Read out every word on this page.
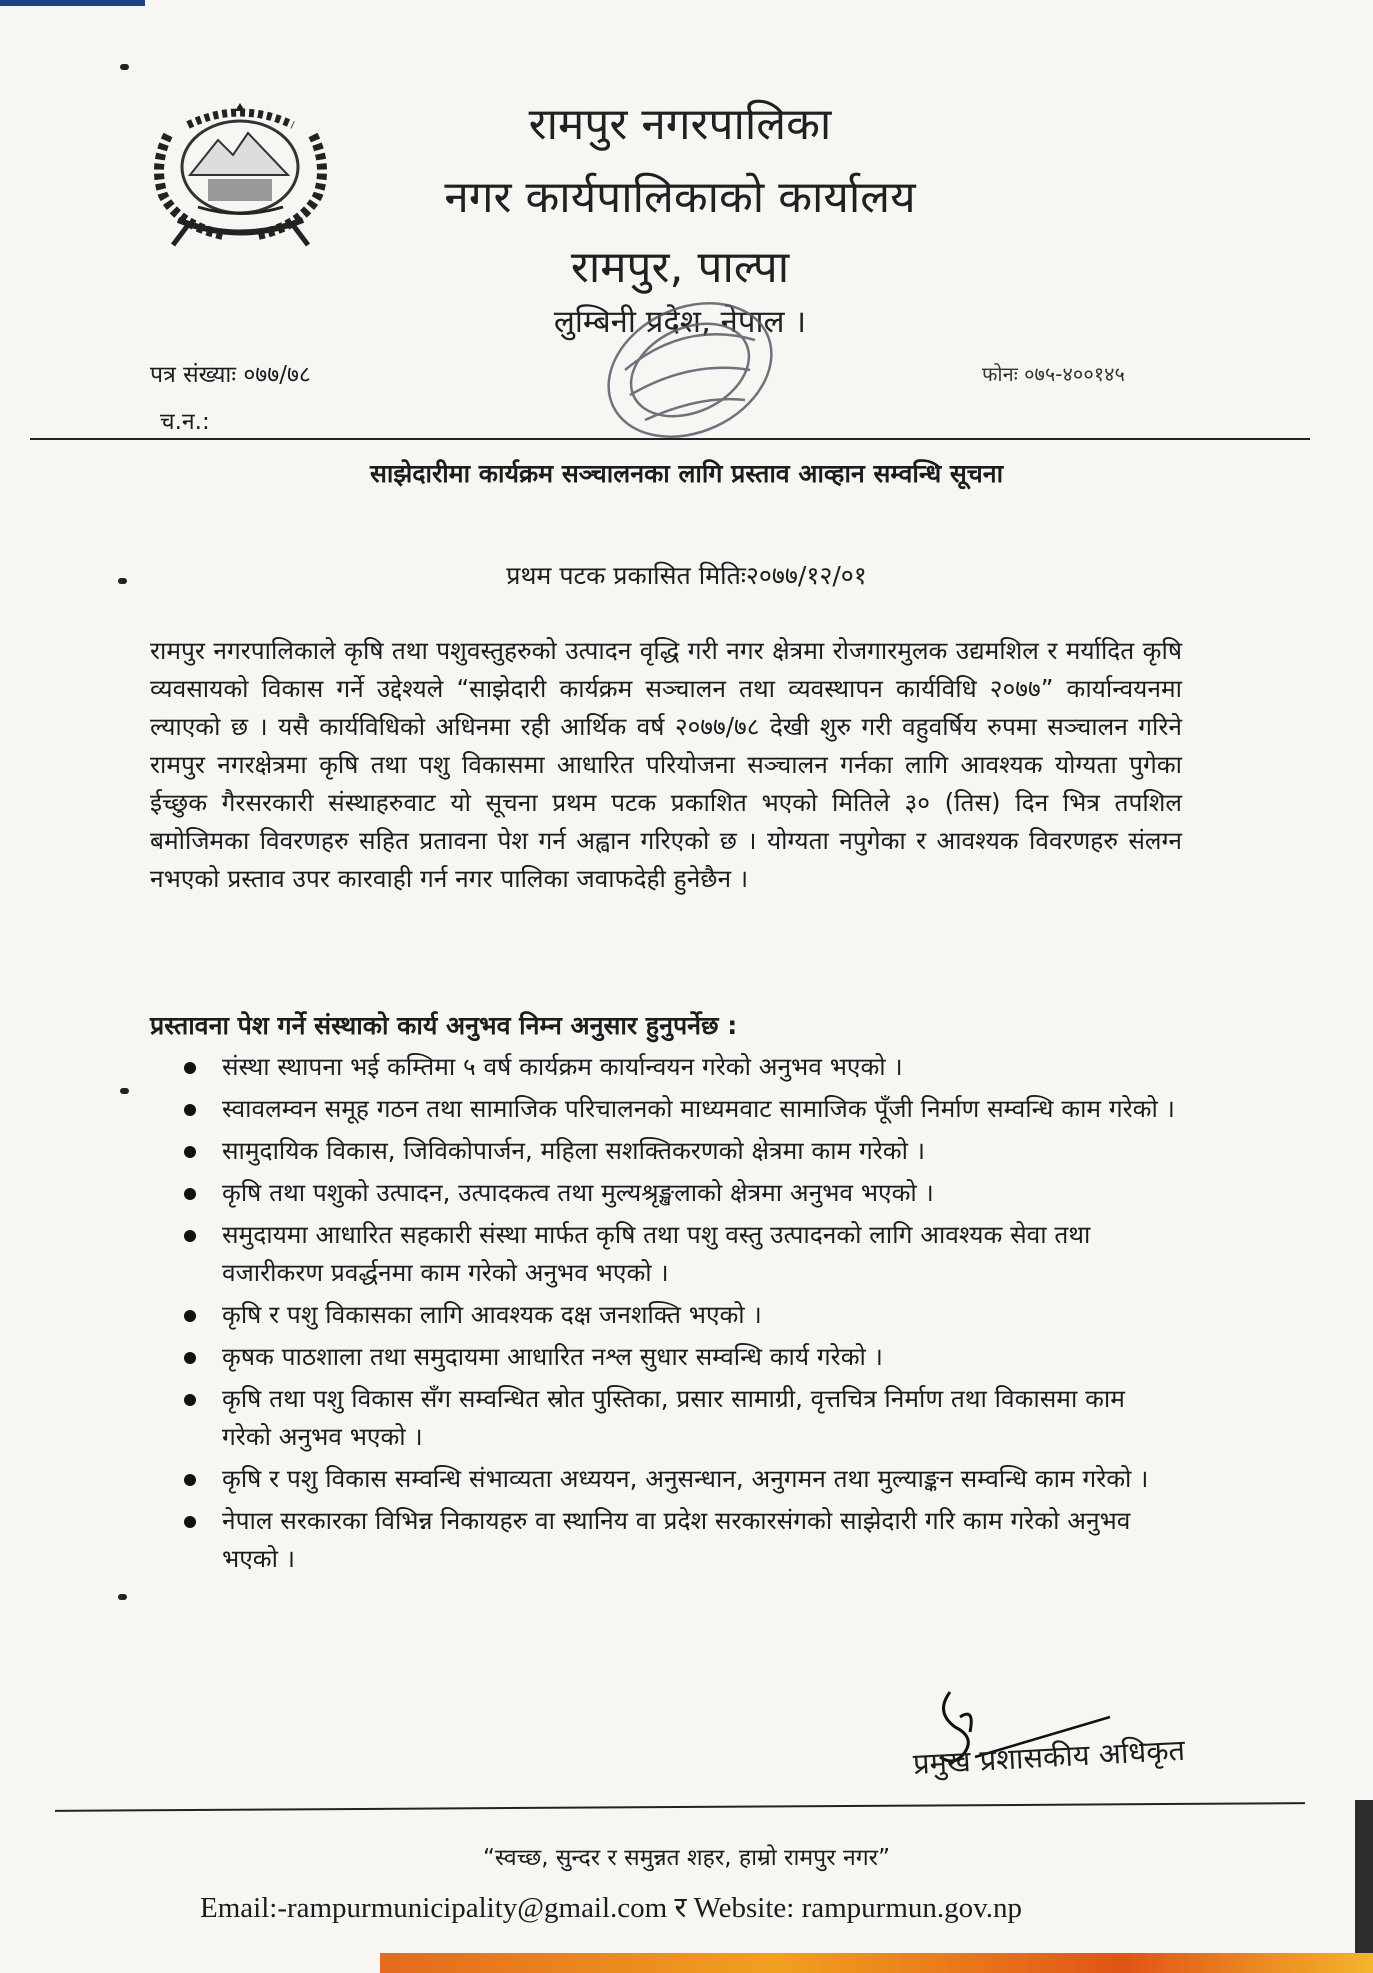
रामपुर नगरपालिका
नगर कार्यपालिकाको कार्यालय
रामपुर, पाल्पा
लुम्बिनी प्रदेश, नेपाल ।
पत्र संख्याः ०७७/७८
च.न.:
फोनः ०७५-४००१४५
साझेदारीमा कार्यक्रम सञ्चालनका लागि प्रस्ताव आव्हान सम्वन्धि सूचना
प्रथम पटक प्रकासित मितिः२०७७/१२/०१
रामपुर नगरपालिकाले कृषि तथा पशुवस्तुहरुको उत्पादन वृद्धि गरी नगर क्षेत्रमा रोजगारमुलक उद्यमशिल र मर्यादित कृषि व्यवसायको विकास गर्ने उद्देश्यले “साझेदारी कार्यक्रम सञ्चालन तथा व्यवस्थापन कार्यविधि २०७७” कार्यान्वयनमा ल्याएको छ । यसै कार्यविधिको अधिनमा रही आर्थिक वर्ष २०७७/७८ देखी शुरु गरी वहुवर्षिय रुपमा सञ्चालन गरिने रामपुर नगरक्षेत्रमा कृषि तथा पशु विकासमा आधारित परियोजना सञ्चालन गर्नका लागि आवश्यक योग्यता पुगेका ईच्छुक गैरसरकारी संस्थाहरुवाट यो सूचना प्रथम पटक प्रकाशित भएको मितिले ३० (तिस) दिन भित्र तपशिल बमोजिमका विवरणहरु सहित प्रतावना पेश गर्न अह्वान गरिएको छ । योग्यता नपुगेका र आवश्यक विवरणहरु संलग्न नभएको प्रस्ताव उपर कारवाही गर्न नगर पालिका जवाफदेही हुनेछैन ।
प्रस्तावना पेश गर्ने संस्थाको कार्य अनुभव निम्न अनुसार हुनुपर्नेछ :
संस्था स्थापना भई कम्तिमा ५ वर्ष कार्यक्रम कार्यान्वयन गरेको अनुभव भएको ।
स्वावलम्वन समूह गठन तथा सामाजिक परिचालनको माध्यमवाट सामाजिक पूँजी निर्माण सम्वन्धि काम गरेको ।
सामुदायिक विकास, जिविकोपार्जन, महिला सशक्तिकरणको क्षेत्रमा काम गरेको ।
कृषि तथा पशुको उत्पादन, उत्पादकत्व तथा मुल्यश्रृङ्खलाको क्षेत्रमा अनुभव भएको ।
समुदायमा आधारित सहकारी संस्था मार्फत कृषि तथा पशु वस्तु उत्पादनको लागि आवश्यक सेवा तथा वजारीकरण प्रवर्द्धनमा काम गरेको अनुभव भएको ।
कृषि र पशु विकासका लागि आवश्यक दक्ष जनशक्ति भएको ।
कृषक पाठशाला तथा समुदायमा आधारित नश्ल सुधार सम्वन्धि कार्य गरेको ।
कृषि तथा पशु विकास सँग सम्वन्धित स्रोत पुस्तिका, प्रसार सामाग्री, वृत्तचित्र निर्माण तथा विकासमा काम गरेको अनुभव भएको ।
कृषि र पशु विकास सम्वन्धि संभाव्यता अध्ययन, अनुसन्धान, अनुगमन तथा मुल्याङ्कन सम्वन्धि काम गरेको ।
नेपाल सरकारका विभिन्न निकायहरु वा स्थानिय वा प्रदेश सरकारसंगको साझेदारी गरि काम गरेको अनुभव भएको ।
प्रमुख प्रशासकीय अधिकृत
“स्वच्छ, सुन्दर र समुन्नत शहर, हाम्रो रामपुर नगर”
Email:-rampurmunicipality@gmail.com र Website: rampurmun.gov.np
